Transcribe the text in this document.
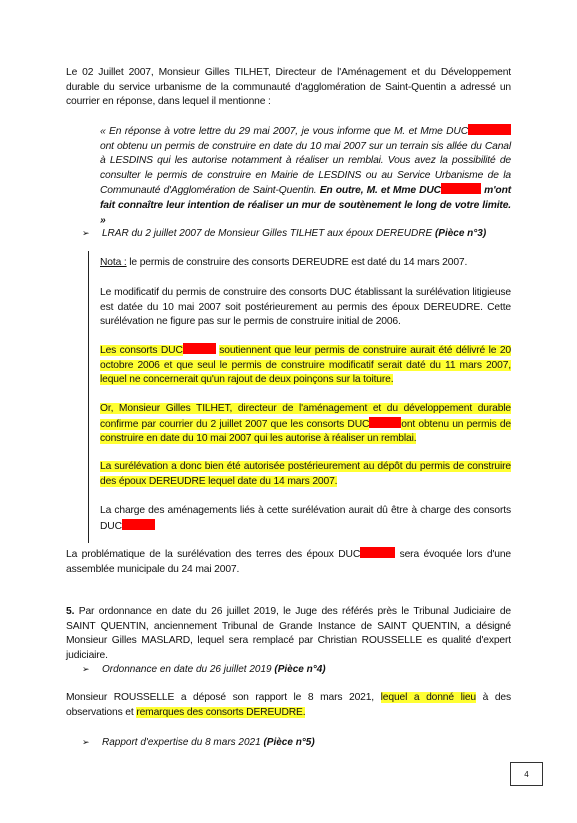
Le 02 Juillet 2007, Monsieur Gilles TILHET, Directeur de l'Aménagement et du Développement durable du service urbanisme de la communauté d'agglomération de Saint-Quentin a adressé un courrier en réponse, dans lequel il mentionne :
« En réponse à votre lettre du 29 mai 2007, je vous informe que M. et Mme DUCont obtenu un permis de construire en date du 10 mai 2007 sur un terrain sis allée du Canal à LESDINS qui les autorise notamment à réaliser un remblai. Vous avez la possibilité de consulter le permis de construire en Mairie de LESDINS ou au Service Urbanisme de la Communauté d'Agglomération de Saint-Quentin. En outre, M. et Mme DUC	m'ont fait connaître leur intention de réaliser un mur de soutènement le long de votre limite. »
➢ LRAR du 2 juillet 2007 de Monsieur Gilles TILHET aux époux DEREUDRE (Pièce n°3)
Nota : le permis de construire des consorts DEREUDRE est daté du 14 mars 2007.
Le modificatif du permis de construire des consorts DUC établissant la surélévation litigieuse est datée du 10 mai 2007 soit postérieurement au permis des époux DEREUDRE. Cette surélévation ne figure pas sur le permis de construire initial de 2006.
Les consorts DUC	soutiennent que leur permis de construire aurait été délivré le 20 octobre 2006 et que seul le permis de construire modificatif serait daté du 11 mars 2007, lequel ne concernerait qu'un rajout de deux poinçons sur la toiture.
Or, Monsieur Gilles TILHET, directeur de l'aménagement et du développement durable confirme par courrier du 2 juillet 2007 que les consorts DUC	ont obtenu un permis de construire en date du 10 mai 2007 qui les autorise à réaliser un remblai.
La surélévation a donc bien été autorisée postérieurement au dépôt du permis de construire des époux DEREUDRE lequel date du 14 mars 2007.
La charge des aménagements liés à cette surélévation aurait dû être à charge des consorts DUC
La problématique de la surélévation des terres des époux DUC	sera évoquée lors d'une assemblée municipale du 24 mai 2007.
5. Par ordonnance en date du 26 juillet 2019, le Juge des référés près le Tribunal Judiciaire de SAINT QUENTIN, anciennement Tribunal de Grande Instance de SAINT QUENTIN, a désigné Monsieur Gilles MASLARD, lequel sera remplacé par Christian ROUSSELLE es qualité d'expert judiciaire.
➢ Ordonnance en date du 26 juillet 2019 (Pièce n°4)
Monsieur ROUSSELLE a déposé son rapport le 8 mars 2021, lequel a donné lieu à des observations et remarques des consorts DEREUDRE.
➢ Rapport d'expertise du 8 mars 2021 (Pièce n°5)
4
